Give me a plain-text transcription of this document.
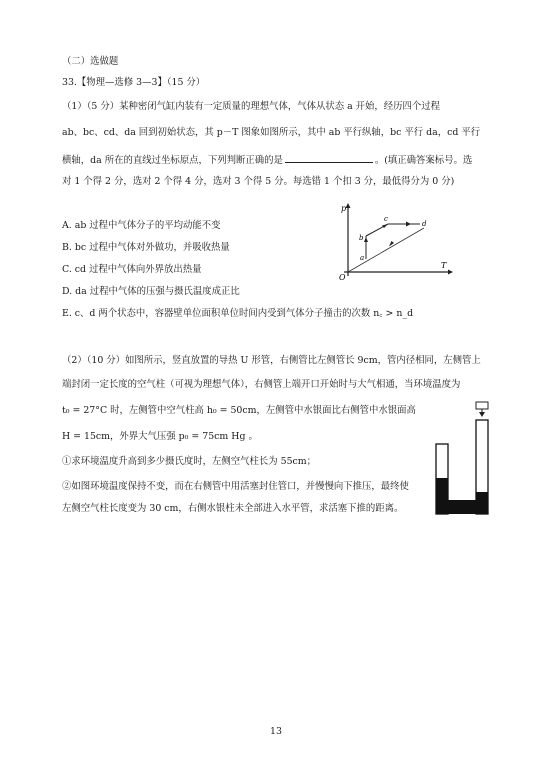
（二）选做题
33.【物理—选修 3—3】（15 分）
（1）（5 分）某种密闭气缸内装有一定质量的理想气体，气体从状态 a 开始，经历四个过程
ab、bc、cd、da 回到初始状态，其 p－T 图象如图所示，其中 ab 平行纵轴，bc 平行 da，cd 平行
横轴，da 所在的直线过坐标原点，下列判断正确的是	。(填正确答案标号。选
对 1 个得 2 分，选对 2 个得 4 分，选对 3 个得 5 分。每选错 1 个扣 3 分，最低得分为 0 分)
A. ab 过程中气体分子的平均动能不变
B. bc 过程中气体对外做功，并吸收热量
C. cd 过程中气体向外界放出热量
D. da 过程中气体的压强与摄氏温度成正比
E. c、d 两个状态中，容器壁单位面积单位时间内受到气体分子撞击的次数 n꜀ > n_d
p
T
O
a
b
c
d
（2）（10 分）如图所示，竖直放置的导热 U 形管，右侧管比左侧管长 9cm，管内径相同，左侧管上
端封闭一定长度的空气柱（可视为理想气体），右侧管上端开口开始时与大气相通，当环境温度为
t₀ = 27°C 时，左侧管中空气柱高 h₀ = 50cm，左侧管中水银面比右侧管中水银面高
H = 15cm，外界大气压强 p₀ = 75cm Hg 。
①求环境温度升高到多少摄氏度时，左侧空气柱长为 55cm；
②如图环境温度保持不变，而在右侧管中用活塞封住管口，并慢慢向下推压，最终使
左侧空气柱长度变为 30 cm，右侧水银柱未全部进入水平管，求活塞下推的距离。
13
